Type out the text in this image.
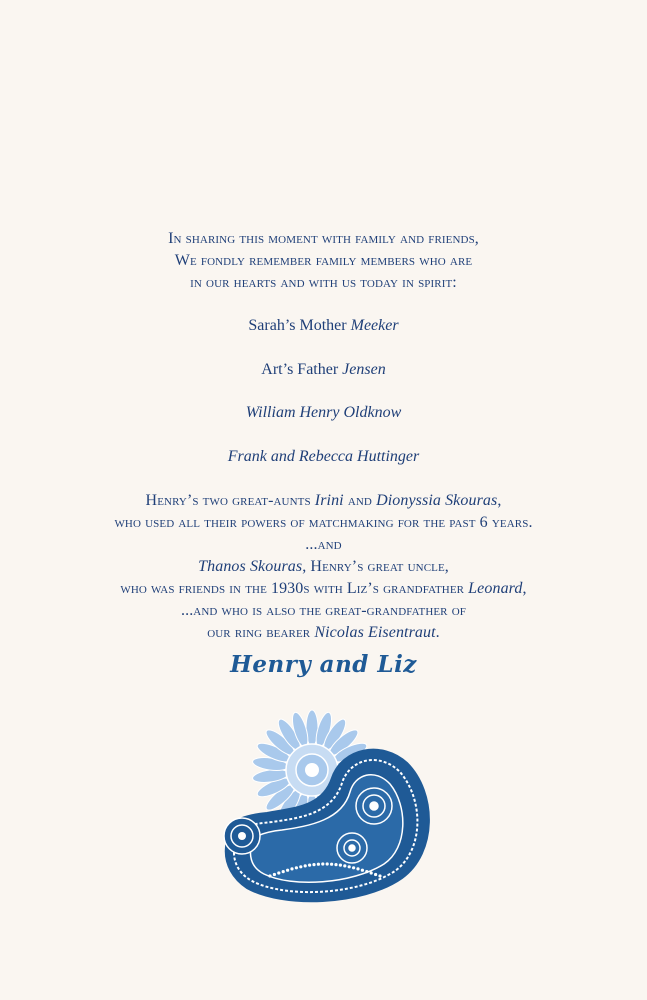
In sharing this moment with family and friends,
We fondly remember family members who are
in our hearts and with us today in spirit:
Sarah’s Mother Meeker
Art’s Father Jensen
William Henry Oldknow
Frank and Rebecca Huttinger
Henry’s two great-aunts Irini and Dionyssia Skouras,
who used all their powers of matchmaking for the past 6 years.
...and
Thanos Skouras, Henry’s great uncle,
who was friends in the 1930s with Liz’s grandfather Leonard,
...and who is also the great-grandfather of
our ring bearer Nicolas Eisentraut.
Henry and Liz
